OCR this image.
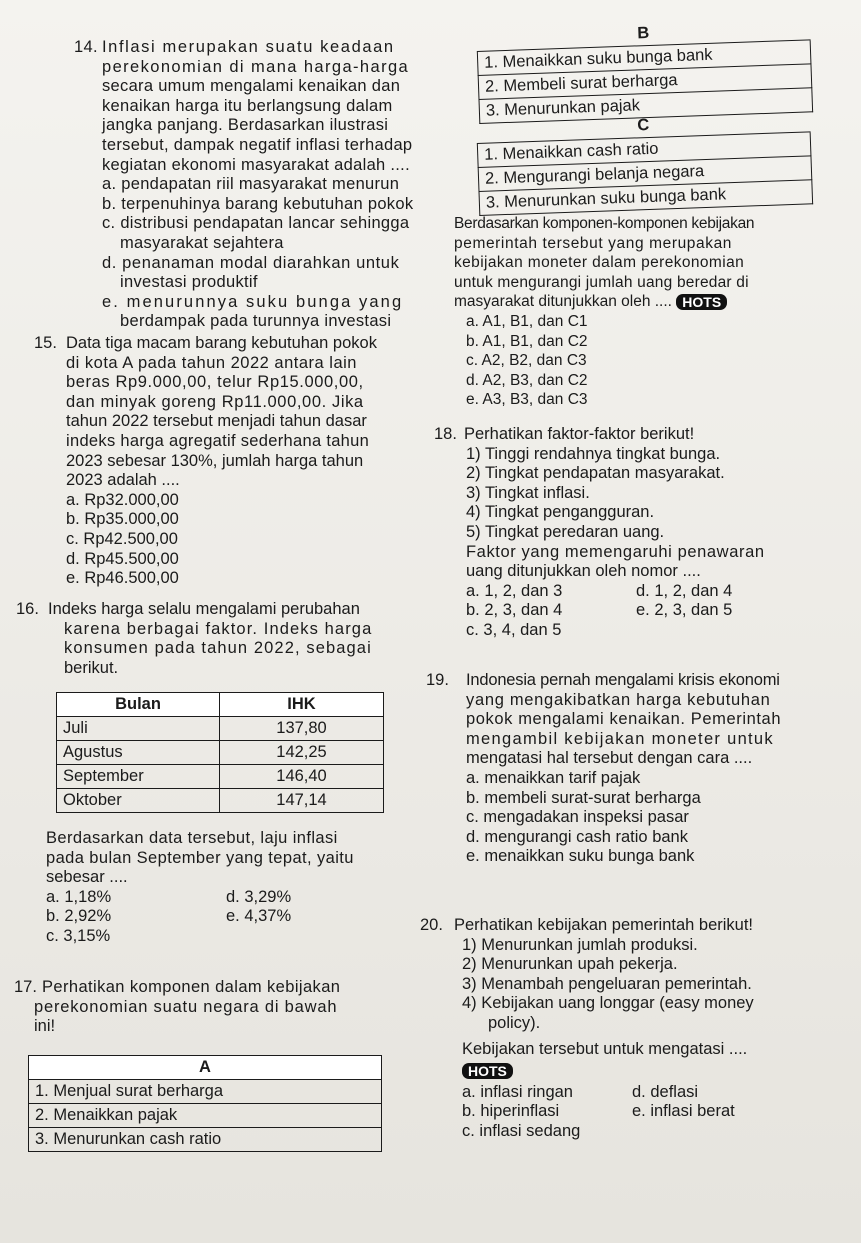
14. Inflasi merupakan suatu keadaan

perekonomian di mana harga-harga

secara umum mengalami kenaikan dan

kenaikan harga itu berlangsung dalam

jangka panjang. Berdasarkan ilustrasi

tersebut, dampak negatif inflasi terhadap

kegiatan ekonomi masyarakat adalah ....

a. pendapatan riil masyarakat menurun

b. terpenuhinya barang kebutuhan pokok

c. distribusi pendapatan lancar sehingga

masyarakat sejahtera

d. penanaman modal diarahkan untuk

investasi produktif

e. menurunnya suku bunga yang

berdampak pada turunnya investasi

15. Data tiga macam barang kebutuhan pokok

di kota A pada tahun 2022 antara lain

beras Rp9.000,00, telur Rp15.000,00,

dan minyak goreng Rp11.000,00. Jika

tahun 2022 tersebut menjadi tahun dasar

indeks harga agregatif sederhana tahun

2023 sebesar 130%, jumlah harga tahun

2023 adalah ....

a. Rp32.000,00

b. Rp35.000,00

c. Rp42.500,00

d. Rp45.500,00

e. Rp46.500,00

16. Indeks harga selalu mengalami perubahan

karena berbagai faktor. Indeks harga

konsumen pada tahun 2022, sebagai

berikut.

Bulan	IHK
Juli	137,80
Agustus	142,25
September	146,40
Oktober	147,14

Berdasarkan data tersebut, laju inflasi

pada bulan September yang tepat, yaitu

sebesar ....

a. 1,18%	d. 3,29%
b. 2,92%	e. 4,37%
c. 3,15%
17. Perhatikan komponen dalam kebijakan

perekonomian suatu negara di bawah

ini!

A
1. Menjual surat berharga
2. Menaikkan pajak
3. Menurunkan cash ratio
B
1. Menaikkan suku bunga bank
2. Membeli surat berharga
3. Menurunkan pajak
C
1. Menaikkan cash ratio
2. Mengurangi belanja negara
3. Menurunkan suku bunga bank

Berdasarkan komponen-komponen kebijakan

pemerintah tersebut yang merupakan

kebijakan moneter dalam perekonomian

untuk mengurangi jumlah uang beredar di

masyarakat ditunjukkan oleh .... HOTS

a. A1, B1, dan C1

b. A1, B1, dan C2

c. A2, B2, dan C3

d. A2, B3, dan C2

e. A3, B3, dan C3

18. Perhatikan faktor-faktor berikut!

1) Tinggi rendahnya tingkat bunga.

2) Tingkat pendapatan masyarakat.

3) Tingkat inflasi.

4) Tingkat pengangguran.

5) Tingkat peredaran uang.

Faktor yang memengaruhi penawaran

uang ditunjukkan oleh nomor ....

a. 1, 2, dan 3	d. 1, 2, dan 4
b. 2, 3, dan 4	e. 2, 3, dan 5
c. 3, 4, dan 5
19. Indonesia pernah mengalami krisis ekonomi

yang mengakibatkan harga kebutuhan

pokok mengalami kenaikan. Pemerintah

mengambil kebijakan moneter untuk

mengatasi hal tersebut dengan cara ....

a. menaikkan tarif pajak

b. membeli surat-surat berharga

c. mengadakan inspeksi pasar

d. mengurangi cash ratio bank

e. menaikkan suku bunga bank

20. Perhatikan kebijakan pemerintah berikut!

1) Menurunkan jumlah produksi.

2) Menurunkan upah pekerja.

3) Menambah pengeluaran pemerintah.

4) Kebijakan uang longgar (easy money

policy).

Kebijakan tersebut untuk mengatasi ....

HOTS

a. inflasi ringan	d. deflasi
b. hiperinflasi	e. inflasi berat
c. inflasi sedang
